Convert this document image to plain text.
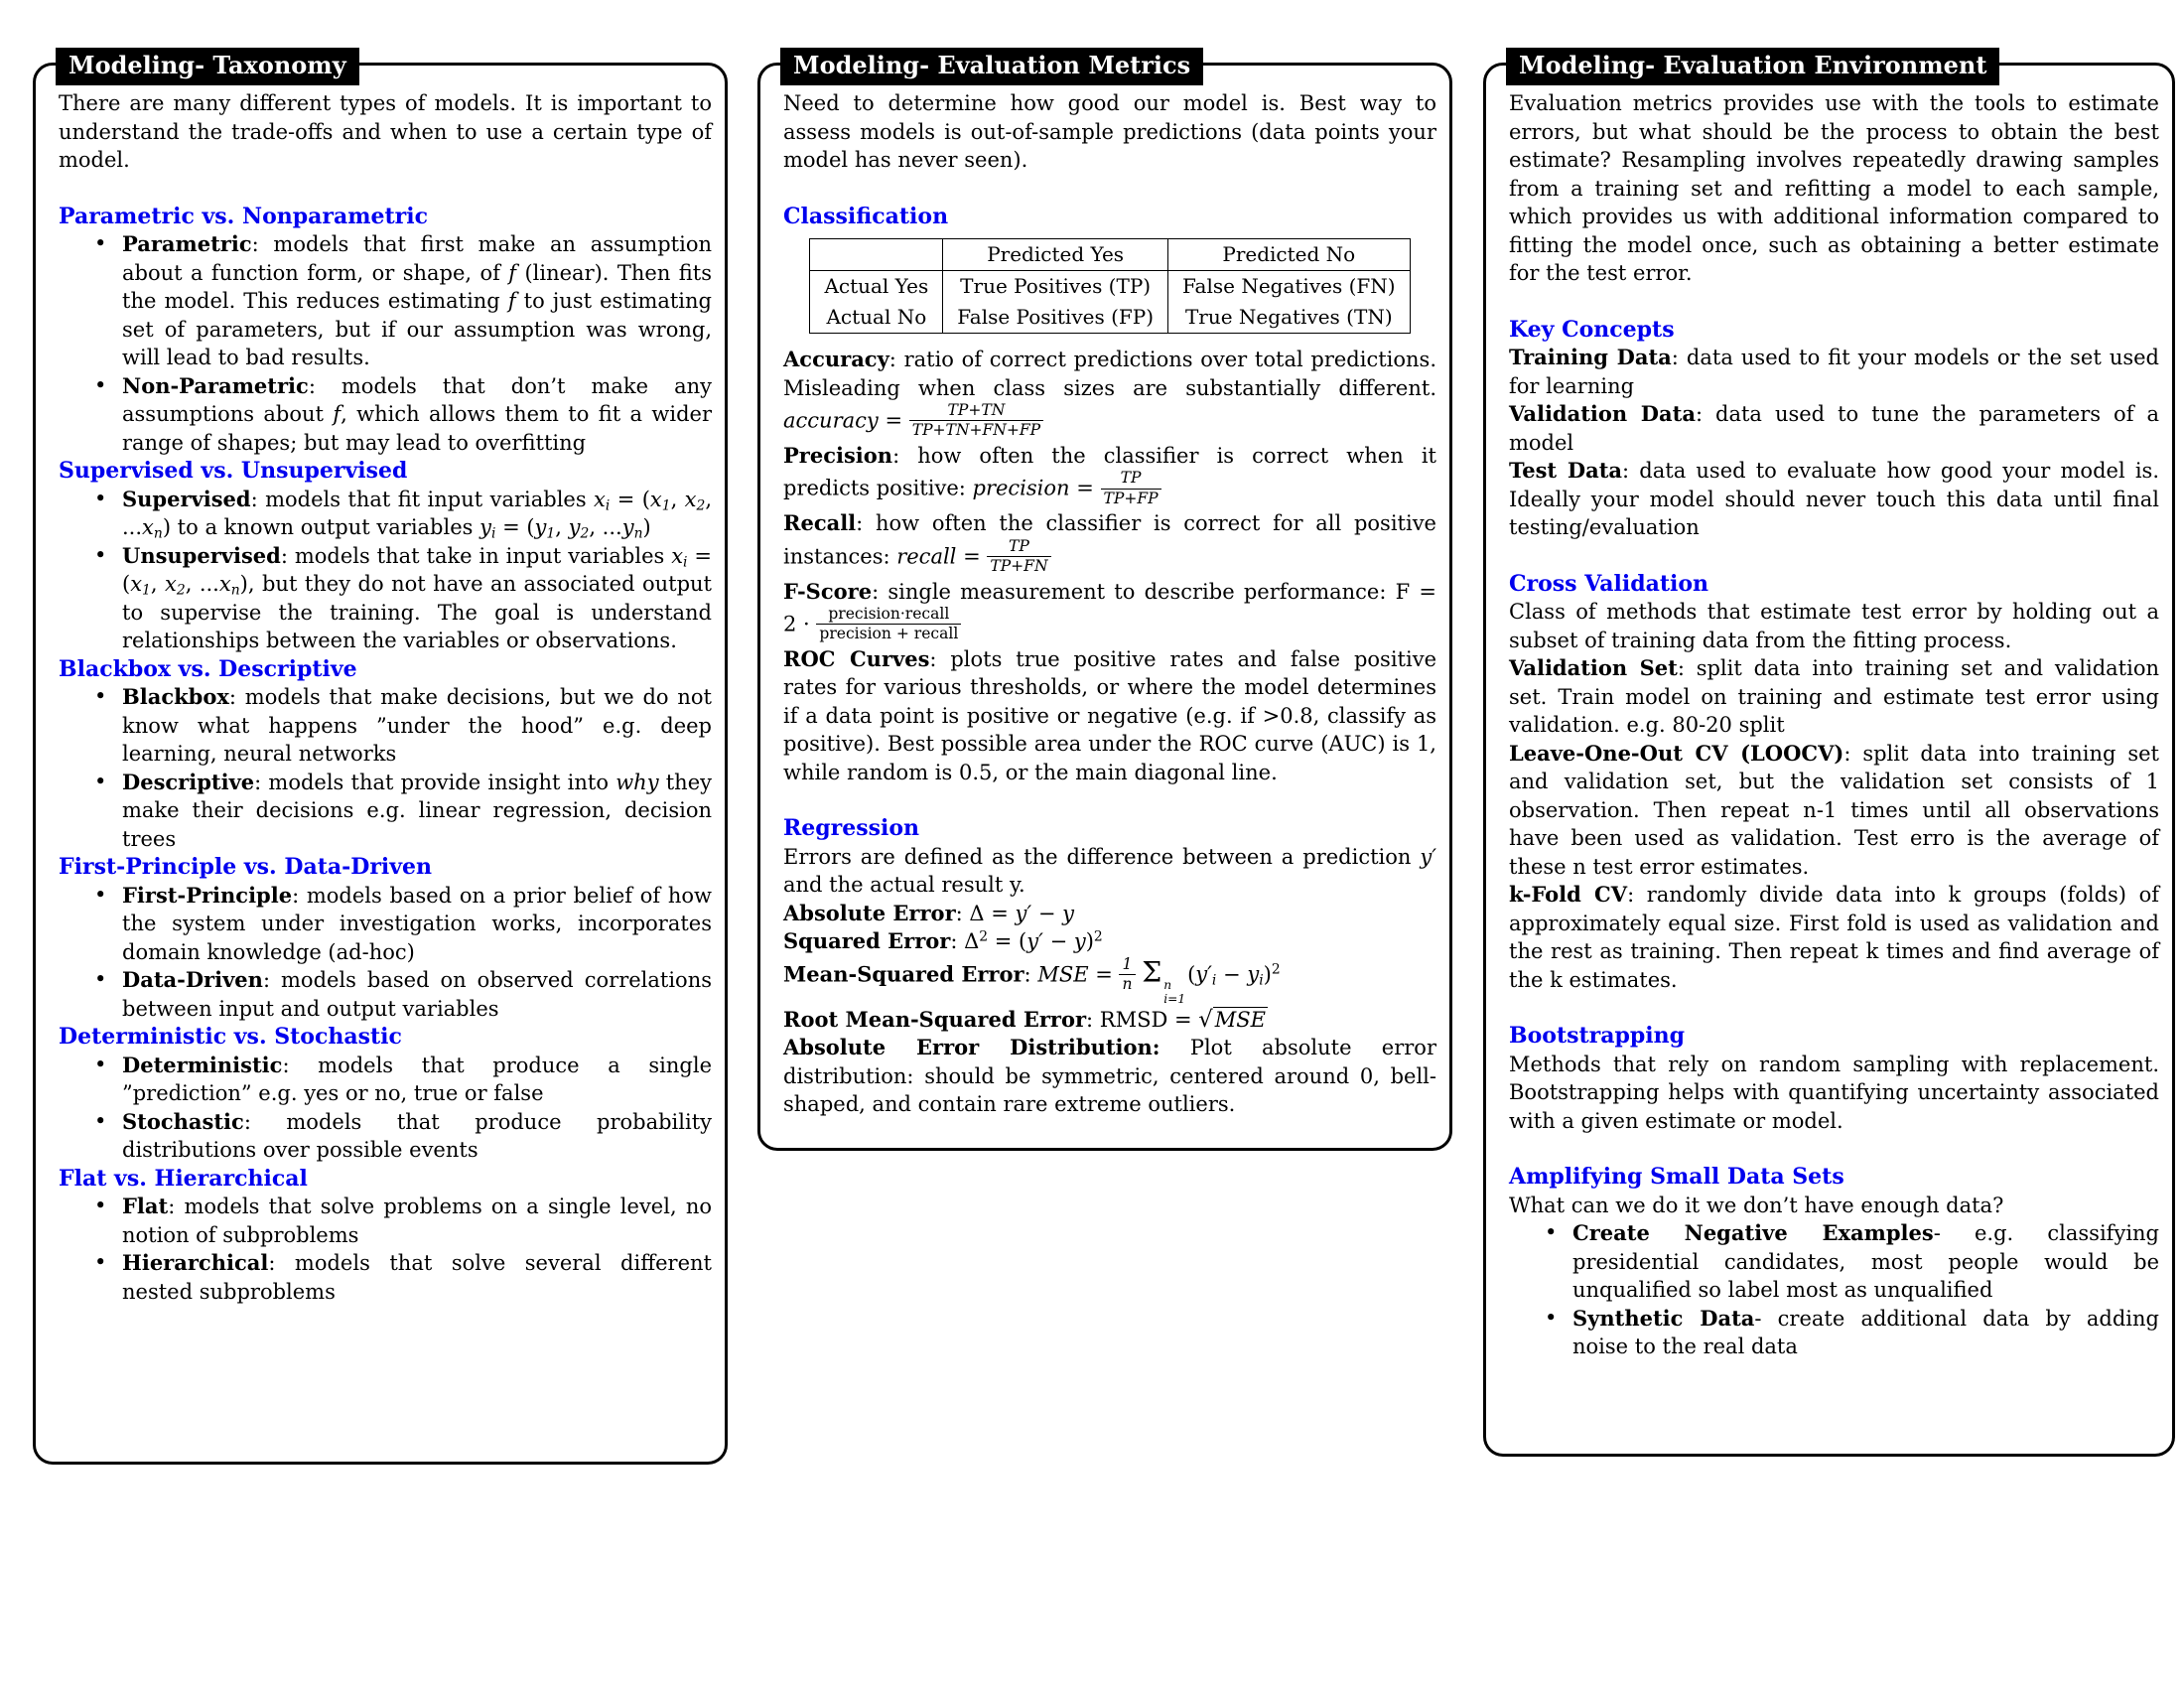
Modeling- Taxonomy

There are many different types of models. It is important to understand the trade-offs and when to use a certain type of model.

Parametric vs. Nonparametric

• Parametric: models that first make an assumption about a function form, or shape, of f (linear). Then fits the model. This reduces estimating f to just estimating set of parameters, but if our assumption was wrong, will lead to bad results.
• Non-Parametric: models that don’t make any assumptions about f, which allows them to fit a wider range of shapes; but may lead to overfitting

Supervised vs. Unsupervised

• Supervised: models that fit input variables $x_i = (x_1$, $x_2$, $...x_n$) to a known output variables $y_i = (y_1$, $y_2$, $...y_n$)
• Unsupervised: models that take in input variables $x_i = (x_1$, $x_2$, $...x_n$), but they do not have an associated output to supervise the training. The goal is understand relationships between the variables or observations.

Blackbox vs. Descriptive

• Blackbox: models that make decisions, but we do not know what happens ”under the hood” e.g. deep learning, neural networks
• Descriptive: models that provide insight into why they make their decisions e.g. linear regression, decision trees

First-Principle vs. Data-Driven

• First-Principle: models based on a prior belief of how the system under investigation works, incorporates domain knowledge (ad-hoc)
• Data-Driven: models based on observed correlations between input and output variables

Deterministic vs. Stochastic

• Deterministic: models that produce a single ”prediction” e.g. yes or no, true or false
• Stochastic: models that produce probability distributions over possible events

Flat vs. Hierarchical

• Flat: models that solve problems on a single level, no notion of subproblems
• Hierarchical: models that solve several different nested subproblems
Modeling- Evaluation Metrics

Need to determine how good our model is. Best way to assess models is out-of-sample predictions (data points your model has never seen).

Classification

	Predicted Yes	Predicted No
Actual Yes	True Positives (TP)	False Negatives (FN)
Actual No	False Positives (FP)	True Negatives (TN)

Accuracy: ratio of correct predictions over total predictions. Misleading when class sizes are substantially different. accuracy = $\frac{TP+TN}{TP+TN+FN+FP}$

Precision: how often the classifier is correct when it predicts positive: precision = $\frac{TP}{TP+FP}$

Recall: how often the classifier is correct for all positive instances: recall = $\frac{TP}{TP+FN}$

F-Score: single measurement to describe performance: $F = 2 \cdot \frac{\text{precision·recall}}{\text{precision + recall}}$

ROC Curves: plots true positive rates and false positive rates for various thresholds, or where the model determines if a data point is positive or negative (e.g. if >0.8, classify as positive). Best possible area under the ROC curve (AUC) is 1, while random is 0.5, or the main diagonal line.

Regression

Errors are defined as the difference between a prediction y′ and the actual result y.

Absolute Error: Δ = y′ − y

Squared Error: $\Delta^2 = (y' - y)^2$

Mean-Squared Error: MSE = $\frac{1}{n}$ Σ n
i=1
$(y'_i - y_i)^2$

Root Mean-Squared Error: RMSD = √MSE

Absolute Error Distribution: Plot absolute error distribution: should be symmetric, centered around 0, bell-shaped, and contain rare extreme outliers.

Modeling- Evaluation Environment

Evaluation metrics provides use with the tools to estimate errors, but what should be the process to obtain the best estimate? Resampling involves repeatedly drawing samples from a training set and refitting a model to each sample, which provides us with additional information compared to fitting the model once, such as obtaining a better estimate for the test error.

Key Concepts

Training Data: data used to fit your models or the set used for learning

Validation Data: data used to tune the parameters of a model

Test Data: data used to evaluate how good your model is. Ideally your model should never touch this data until final testing/evaluation

Cross Validation

Class of methods that estimate test error by holding out a subset of training data from the fitting process.

Validation Set: split data into training set and validation set. Train model on training and estimate test error using validation. e.g. 80-20 split

Leave-One-Out CV (LOOCV): split data into training set and validation set, but the validation set consists of 1 observation. Then repeat n-1 times until all observations have been used as validation. Test erro is the average of these n test error estimates.

k-Fold CV: randomly divide data into k groups (folds) of approximately equal size. First fold is used as validation and the rest as training. Then repeat k times and find average of the k estimates.

Bootstrapping

Methods that rely on random sampling with replacement. Bootstrapping helps with quantifying uncertainty associated with a given estimate or model.

Amplifying Small Data Sets

What can we do it we don’t have enough data?

• Create Negative Examples- e.g. classifying presidential candidates, most people would be unqualified so label most as unqualified
• Synthetic Data- create additional data by adding noise to the real data
